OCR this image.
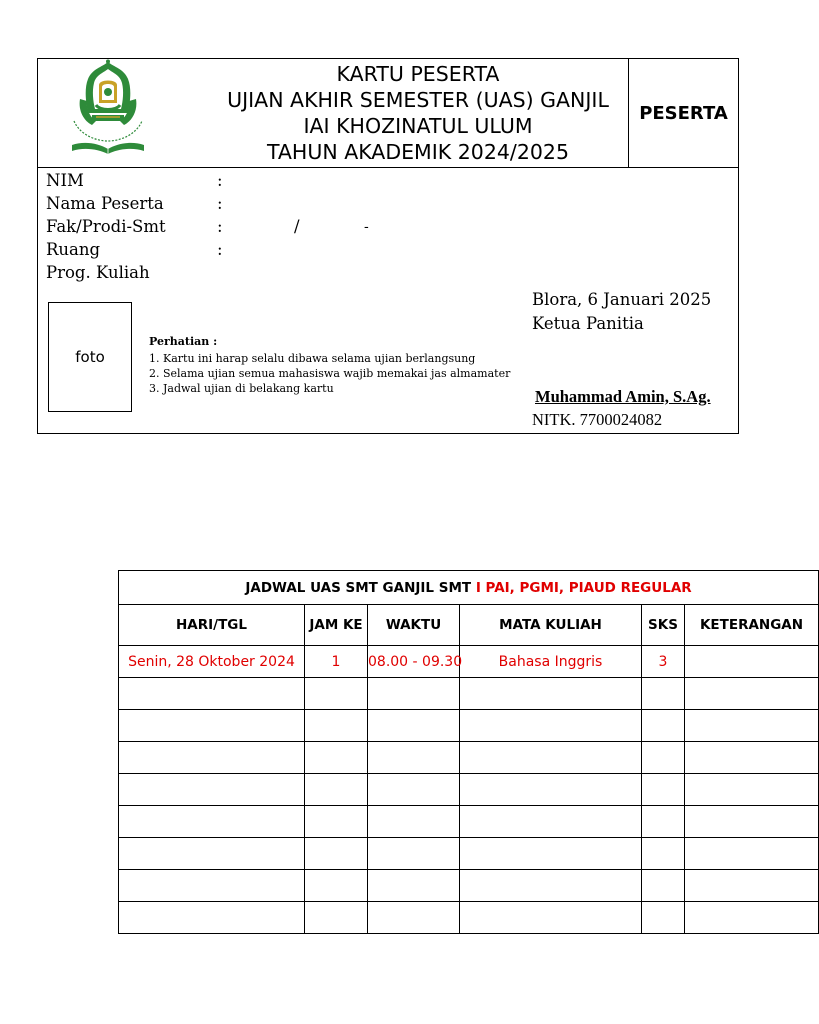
KARTU PESERTA
UJIAN AKHIR SEMESTER (UAS) GANJIL
IAI KHOZINATUL ULUM
TAHUN AKADEMIK 2024/2025
PESERTA
NIM	:
Nama Peserta	:
Fak/Prodi-Smt	:	/	-
Ruang	:
Prog. Kuliah
foto
Perhatian :
1. Kartu ini harap selalu dibawa selama ujian berlangsung
2. Selama ujian semua mahasiswa wajib memakai jas almamater
3. Jadwal ujian di belakang kartu
Blora, 6 Januari 2025
Ketua Panitia
Muhammad Amin, S.Ag.
NITK. 7700024082
JADWAL UAS SMT GANJIL SMT I PAI, PGMI, PIAUD REGULAR					
HARI/TGL	JAM KE	WAKTU	MATA KULIAH	SKS	KETERANGAN
Senin, 28 Oktober 2024	1	08.00 - 09.30	Bahasa Inggris	3	
